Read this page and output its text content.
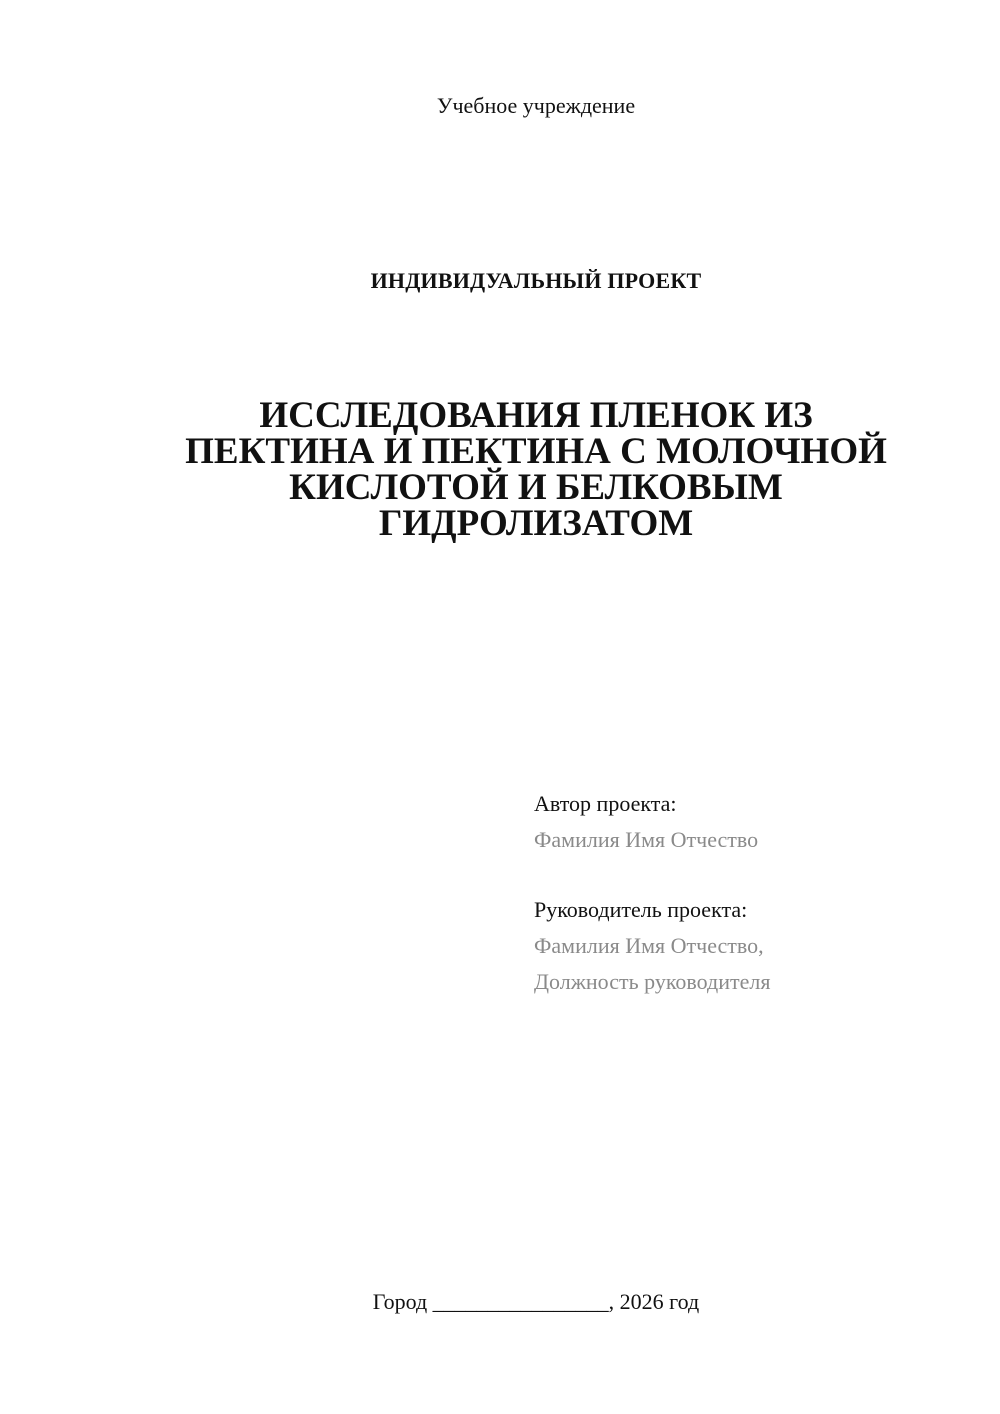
Учебное учреждение
ИНДИВИДУАЛЬНЫЙ ПРОЕКТ
ИССЛЕДОВАНИЯ ПЛЕНОК ИЗ
ПЕКТИНА И ПЕКТИНА С МОЛОЧНОЙ
КИСЛОТОЙ И БЕЛКОВЫМ
ГИДРОЛИЗАТОМ
Автор проекта:
Фамилия Имя Отчество
Руководитель проекта:
Фамилия Имя Отчество,
Должность руководителя
Город ________________, 2026 год
